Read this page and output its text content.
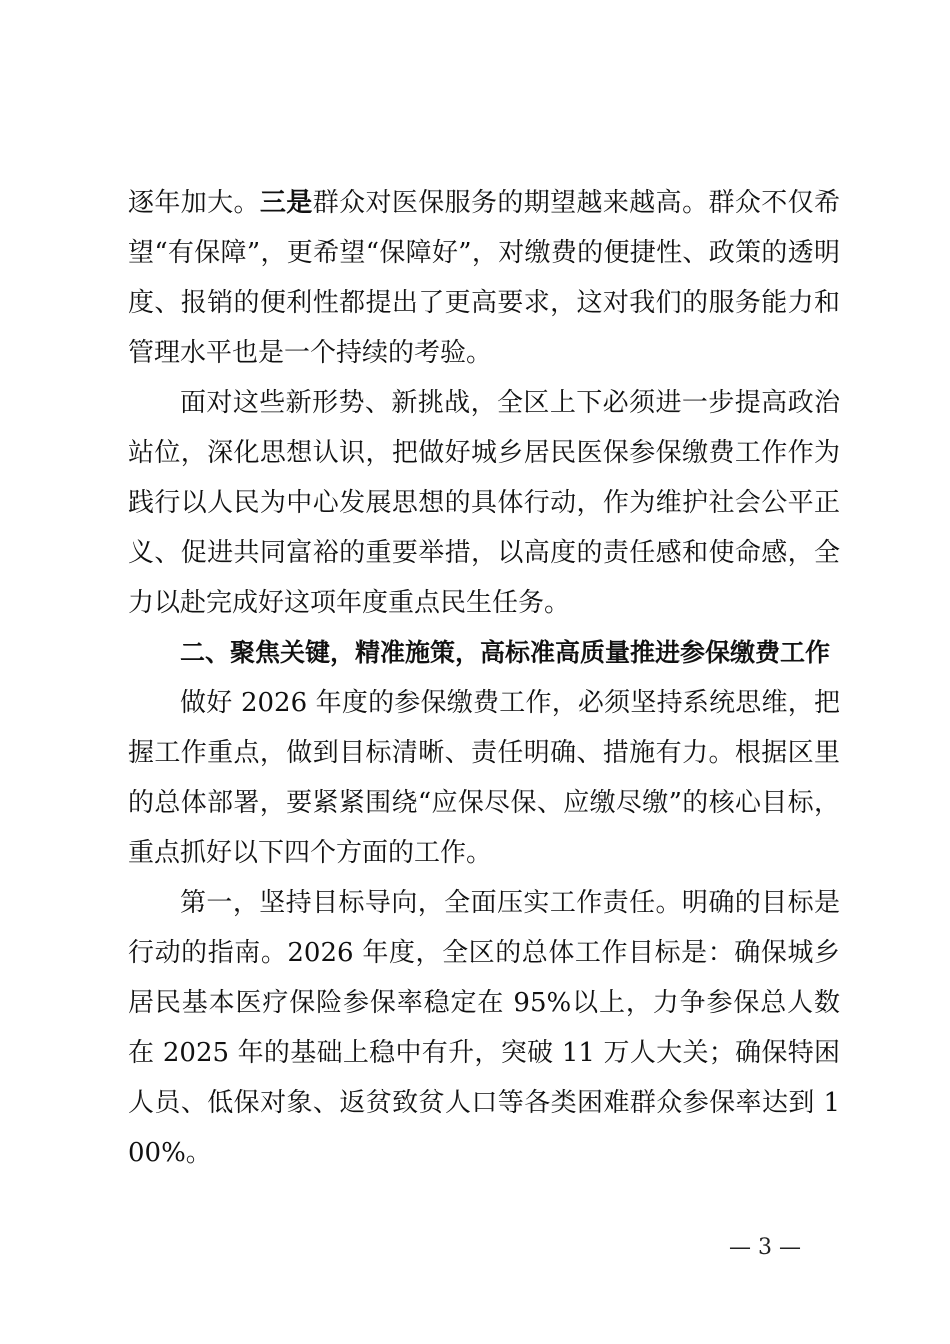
逐年加大。三是群众对医保服务的期望越来越高。群众不仅希望“有保障”，更希望“保障好”，对缴费的便捷性、政策的透明度、报销的便利性都提出了更高要求，这对我们的服务能力和管理水平也是一个持续的考验。

面对这些新形势、新挑战，全区上下必须进一步提高政治站位，深化思想认识，把做好城乡居民医保参保缴费工作作为践行以人民为中心发展思想的具体行动，作为维护社会公平正义、促进共同富裕的重要举措，以高度的责任感和使命感，全力以赴完成好这项年度重点民生任务。

二、聚焦关键，精准施策，高标准高质量推进参保缴费工作

做好 2026 年度的参保缴费工作，必须坚持系统思维，把握工作重点，做到目标清晰、责任明确、措施有力。根据区里的总体部署，要紧紧围绕“应保尽保、应缴尽缴”的核心目标，重点抓好以下四个方面的工作。

第一，坚持目标导向，全面压实工作责任。明确的目标是行动的指南。2026 年度，全区的总体工作目标是：确保城乡居民基本医疗保险参保率稳定在 95%以上，力争参保总人数在 2025 年的基础上稳中有升，突破 11 万人大关；确保特困人员、低保对象、返贫致贫人口等各类困难群众参保率达到 100%。

— 3 —
